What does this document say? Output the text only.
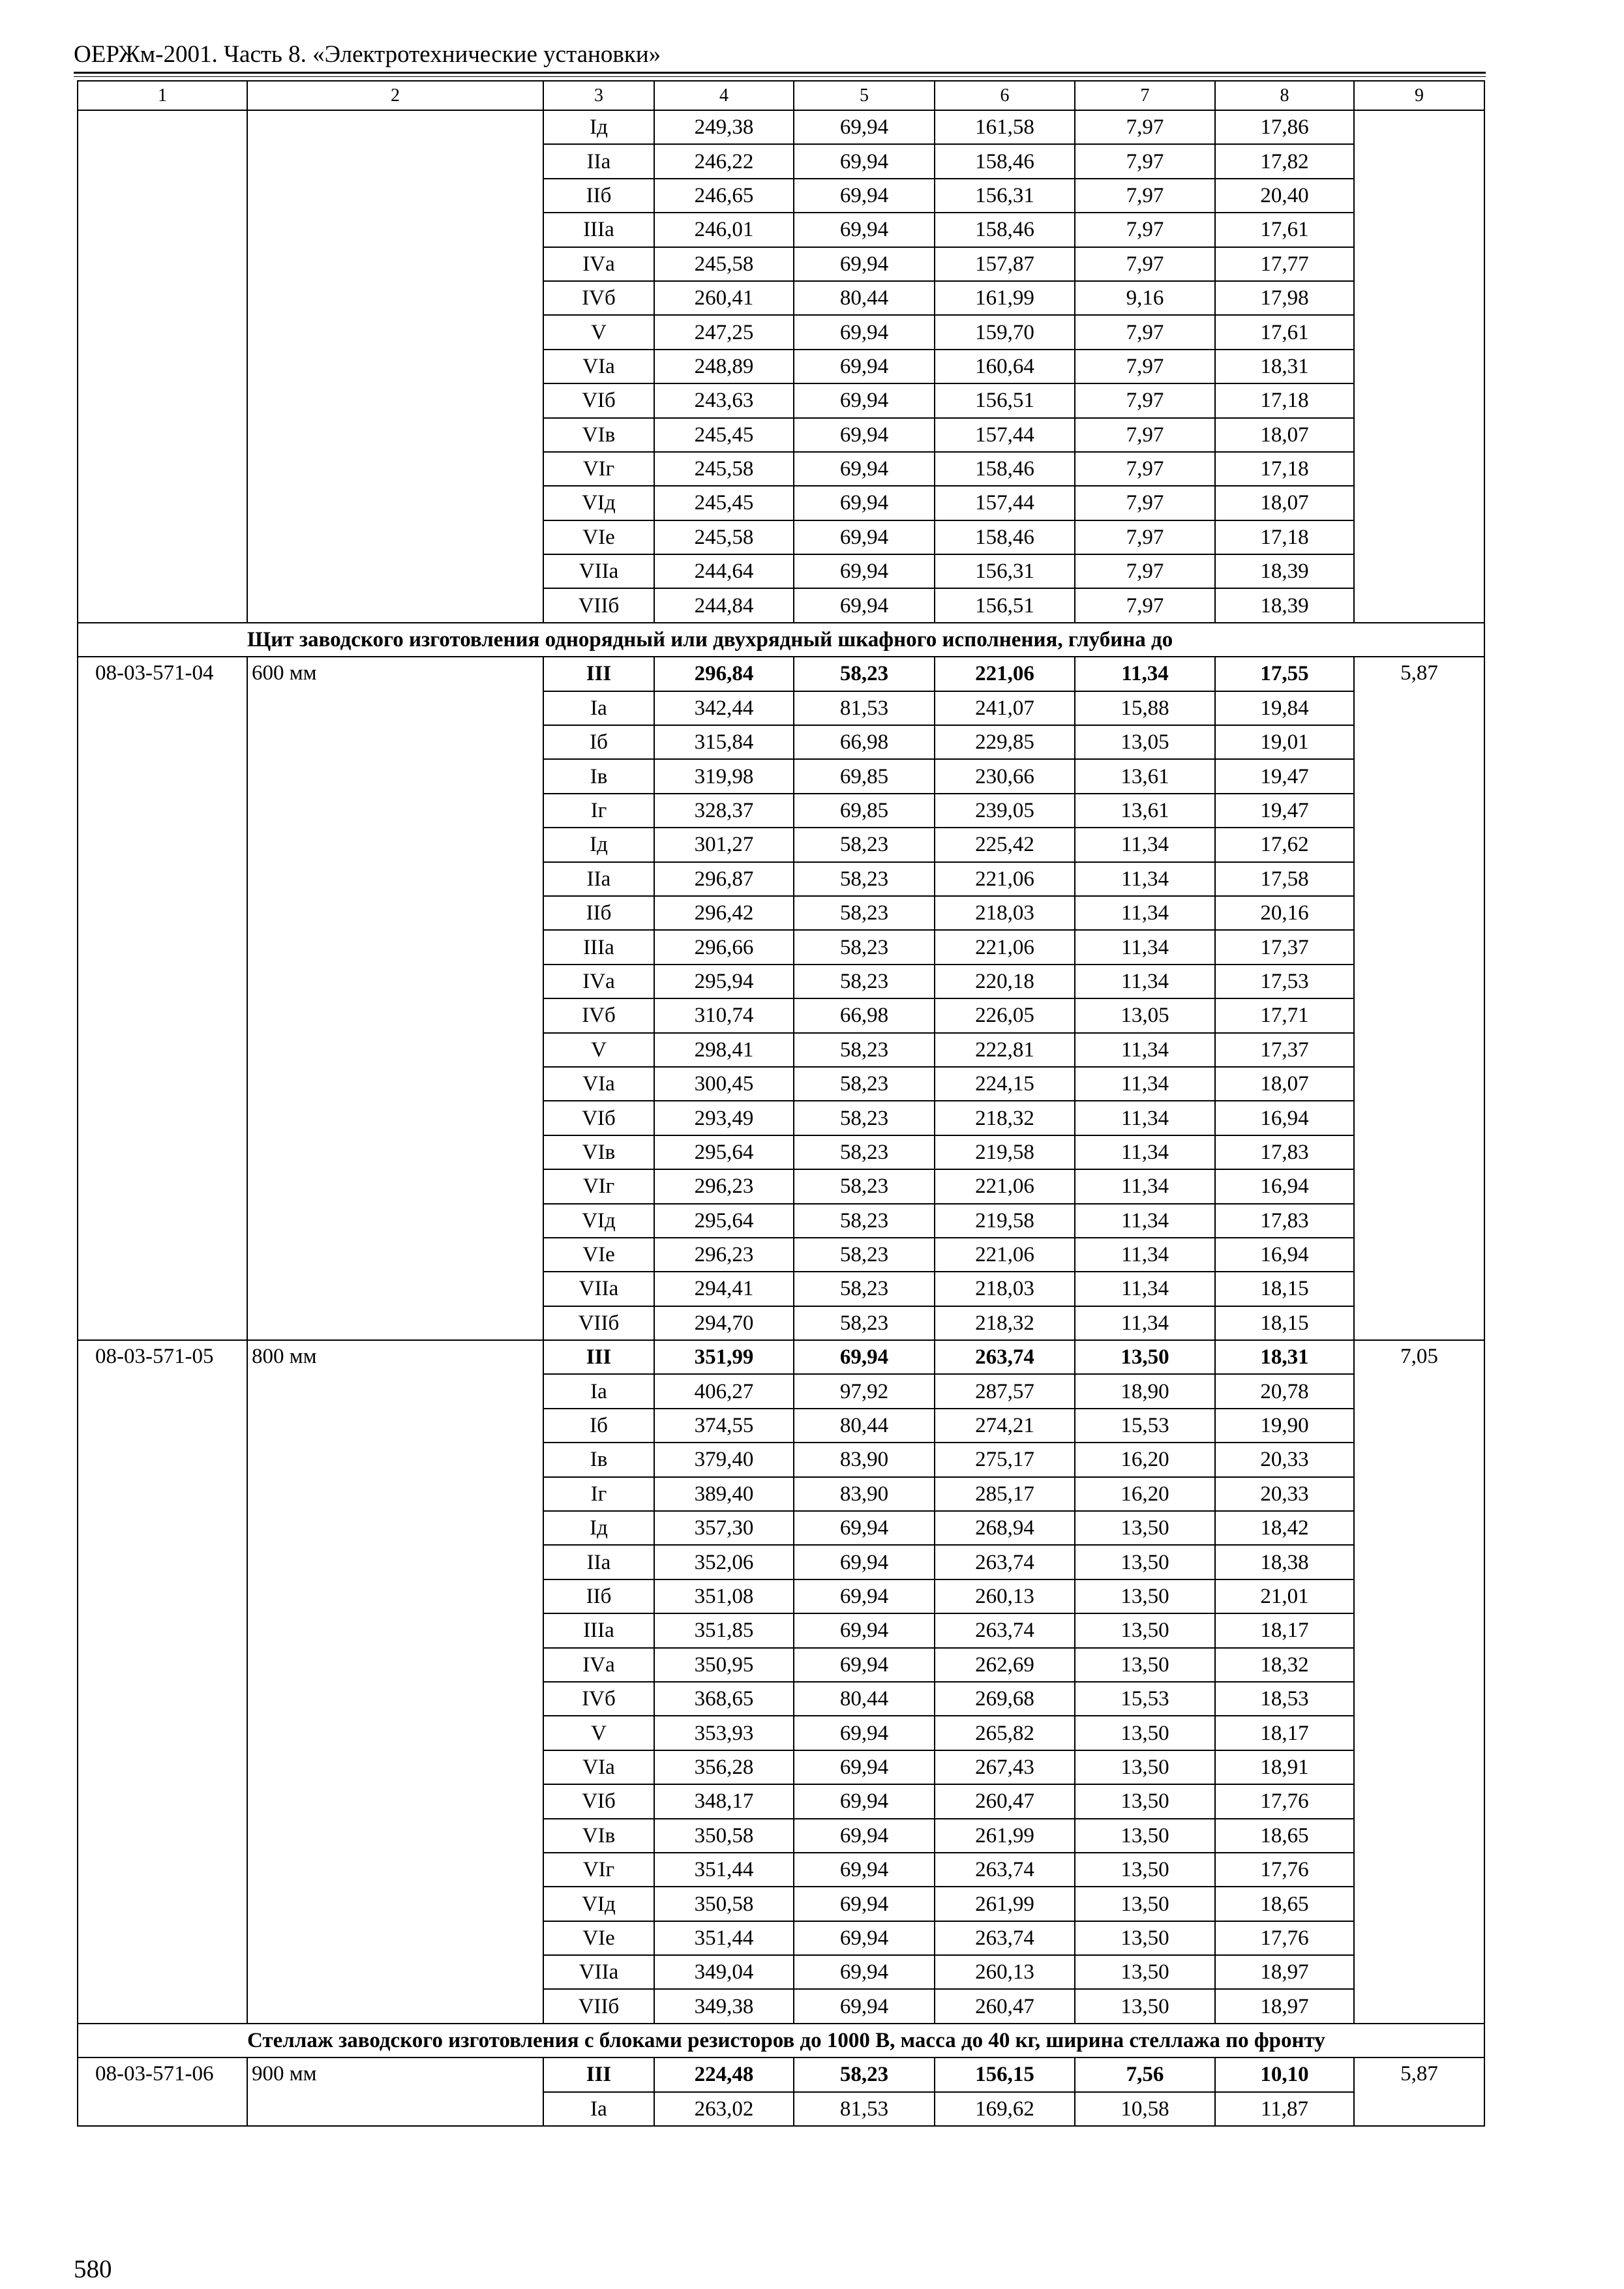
ОЕРЖм-2001. Часть 8. «Электротехнические установки»
1	2	3	4	5	6	7	8	9
		Iд	249,38	69,94	161,58	7,97	17,86	
		IIа	246,22	69,94	158,46	7,97	17,82	
		IIб	246,65	69,94	156,31	7,97	20,40	
		IIIа	246,01	69,94	158,46	7,97	17,61	
		IVа	245,58	69,94	157,87	7,97	17,77	
		IVб	260,41	80,44	161,99	9,16	17,98	
		V	247,25	69,94	159,70	7,97	17,61	
		VIа	248,89	69,94	160,64	7,97	18,31	
		VIб	243,63	69,94	156,51	7,97	17,18	
		VIв	245,45	69,94	157,44	7,97	18,07	
		VIг	245,58	69,94	158,46	7,97	17,18	
		VIд	245,45	69,94	157,44	7,97	18,07	
		VIе	245,58	69,94	158,46	7,97	17,18	
		VIIа	244,64	69,94	156,31	7,97	18,39	
		VIIб	244,84	69,94	156,51	7,97	18,39	
	Щит заводского изготовления однорядный или двухрядный шкафного исполнения, глубина до							
08-03-571-04	600 мм	III	296,84	58,23	221,06	11,34	17,55	5,87
		Iа	342,44	81,53	241,07	15,88	19,84	
		Iб	315,84	66,98	229,85	13,05	19,01	
		Iв	319,98	69,85	230,66	13,61	19,47	
		Iг	328,37	69,85	239,05	13,61	19,47	
		Iд	301,27	58,23	225,42	11,34	17,62	
		IIа	296,87	58,23	221,06	11,34	17,58	
		IIб	296,42	58,23	218,03	11,34	20,16	
		IIIа	296,66	58,23	221,06	11,34	17,37	
		IVа	295,94	58,23	220,18	11,34	17,53	
		IVб	310,74	66,98	226,05	13,05	17,71	
		V	298,41	58,23	222,81	11,34	17,37	
		VIа	300,45	58,23	224,15	11,34	18,07	
		VIб	293,49	58,23	218,32	11,34	16,94	
		VIв	295,64	58,23	219,58	11,34	17,83	
		VIг	296,23	58,23	221,06	11,34	16,94	
		VIд	295,64	58,23	219,58	11,34	17,83	
		VIе	296,23	58,23	221,06	11,34	16,94	
		VIIа	294,41	58,23	218,03	11,34	18,15	
		VIIб	294,70	58,23	218,32	11,34	18,15	
08-03-571-05	800 мм	III	351,99	69,94	263,74	13,50	18,31	7,05
		Iа	406,27	97,92	287,57	18,90	20,78	
		Iб	374,55	80,44	274,21	15,53	19,90	
		Iв	379,40	83,90	275,17	16,20	20,33	
		Iг	389,40	83,90	285,17	16,20	20,33	
		Iд	357,30	69,94	268,94	13,50	18,42	
		IIа	352,06	69,94	263,74	13,50	18,38	
		IIб	351,08	69,94	260,13	13,50	21,01	
		IIIа	351,85	69,94	263,74	13,50	18,17	
		IVа	350,95	69,94	262,69	13,50	18,32	
		IVб	368,65	80,44	269,68	15,53	18,53	
		V	353,93	69,94	265,82	13,50	18,17	
		VIа	356,28	69,94	267,43	13,50	18,91	
		VIб	348,17	69,94	260,47	13,50	17,76	
		VIв	350,58	69,94	261,99	13,50	18,65	
		VIг	351,44	69,94	263,74	13,50	17,76	
		VIд	350,58	69,94	261,99	13,50	18,65	
		VIе	351,44	69,94	263,74	13,50	17,76	
		VIIа	349,04	69,94	260,13	13,50	18,97	
		VIIб	349,38	69,94	260,47	13,50	18,97	
	Стеллаж заводского изготовления с блоками резисторов до 1000 В, масса до 40 кг, ширина стеллажа по фронту							
08-03-571-06	900 мм	III	224,48	58,23	156,15	7,56	10,10	5,87
		Iа	263,02	81,53	169,62	10,58	11,87	
580
